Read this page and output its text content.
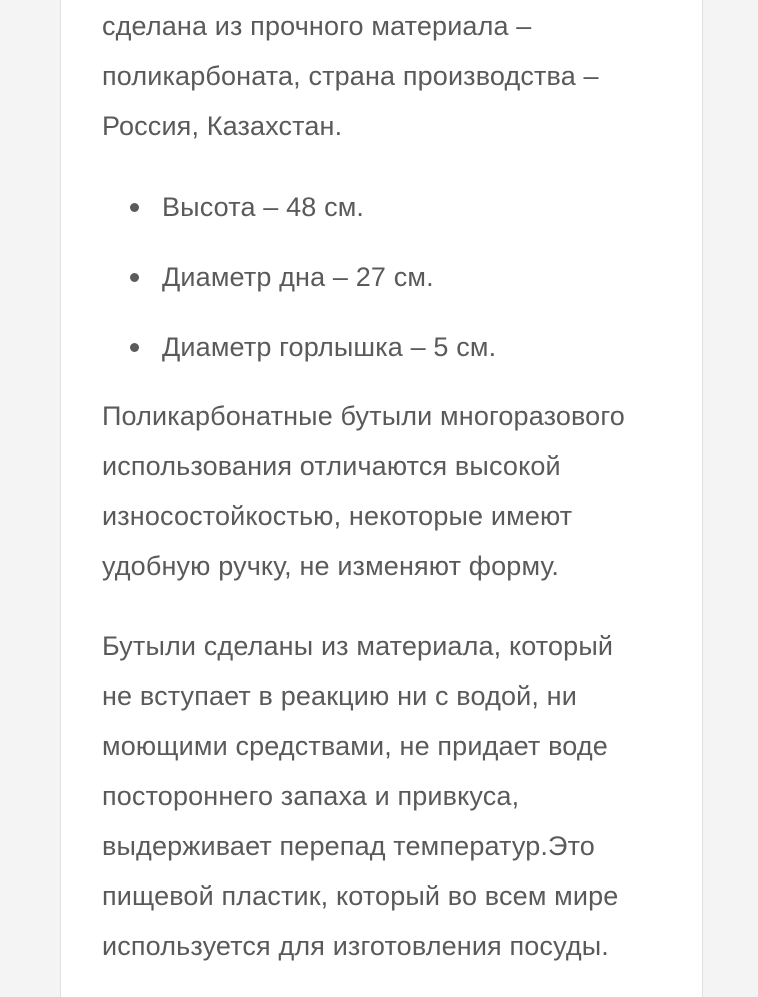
сделана из прочного материала –
поликарбоната, страна производства –
Россия, Казахстан.

Высота – 48 см.
Диаметр дна – 27 см.
Диаметр горлышка – 5 см.

Поликарбонатные бутыли многоразового
использования отличаются высокой
износостойкостью, некоторые имеют
удобную ручку, не изменяют форму.

Бутыли сделаны из материала, который
не вступает в реакцию ни с водой, ни
моющими средствами, не придает воде
постороннего запаха и привкуса,
выдерживает перепад температур.Это
пищевой пластик, который во всем мире
используется для изготовления посуды.
